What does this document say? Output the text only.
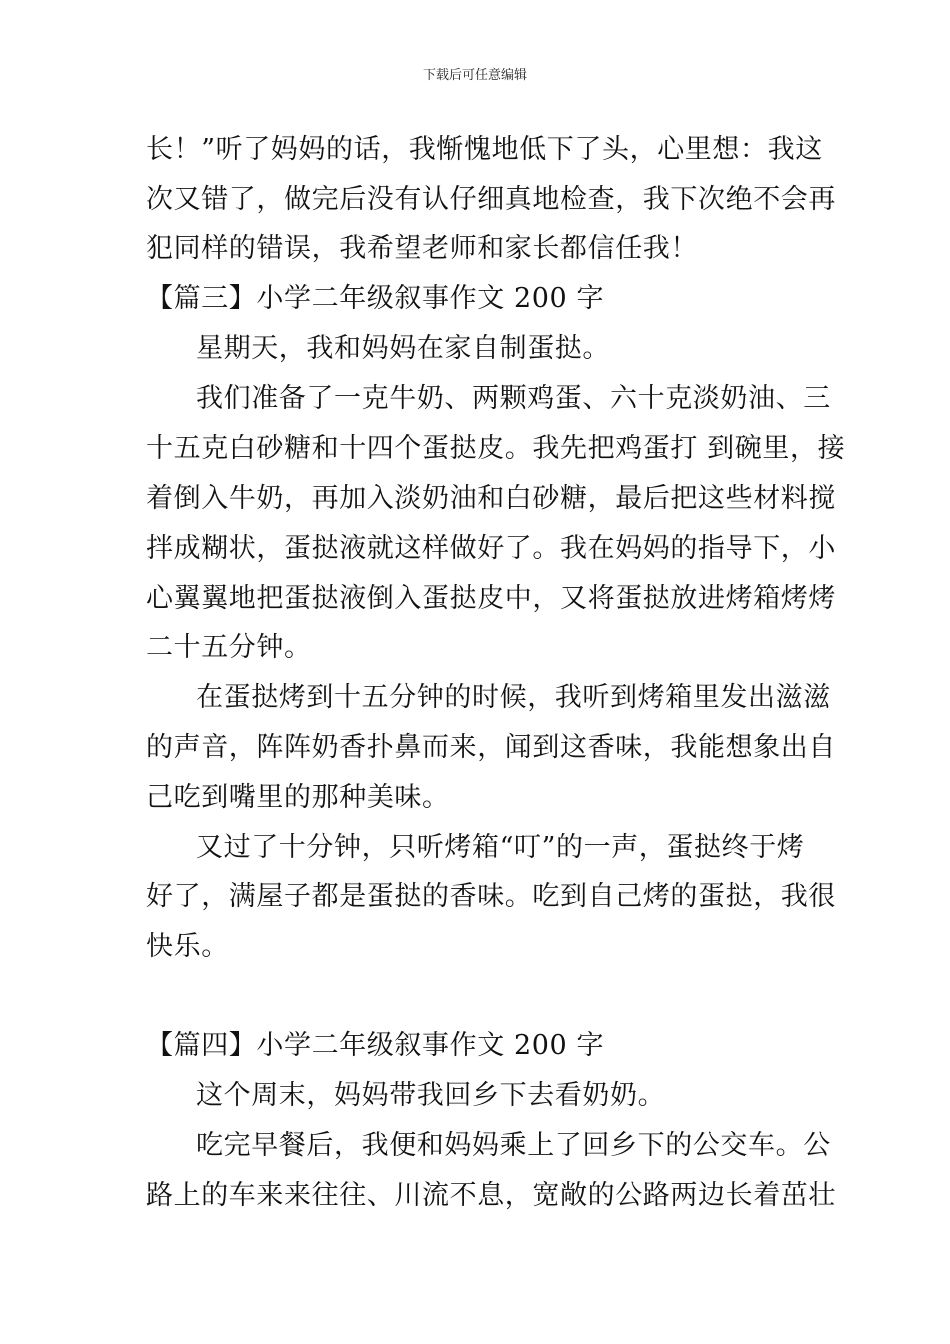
下载后可任意编辑
长！”听了妈妈的话，我惭愧地低下了头，心里想：我这
次又错了，做完后没有认仔细真地检查，我下次绝不会再
犯同样的错误，我希望老师和家长都信任我！
【篇三】小学二年级叙事作文 200 字
星期天，我和妈妈在家自制蛋挞。
我们准备了一克牛奶、两颗鸡蛋、六十克淡奶油、三
十五克白砂糖和十四个蛋挞皮。我先把鸡蛋打 到碗里，接
着倒入牛奶，再加入淡奶油和白砂糖，最后把这些材料搅
拌成糊状，蛋挞液就这样做好了。我在妈妈的指导下，小
心翼翼地把蛋挞液倒入蛋挞皮中，又将蛋挞放进烤箱烤烤
二十五分钟。
在蛋挞烤到十五分钟的时候，我听到烤箱里发出滋滋
的声音，阵阵奶香扑鼻而来，闻到这香味，我能想象出自
己吃到嘴里的那种美味。
又过了十分钟，只听烤箱“叮”的一声，蛋挞终于烤
好了，满屋子都是蛋挞的香味。吃到自己烤的蛋挞，我很
快乐。
【篇四】小学二年级叙事作文 200 字
这个周末，妈妈带我回乡下去看奶奶。
吃完早餐后，我便和妈妈乘上了回乡下的公交车。公
路上的车来来往往、川流不息，宽敞的公路两边长着茁壮
